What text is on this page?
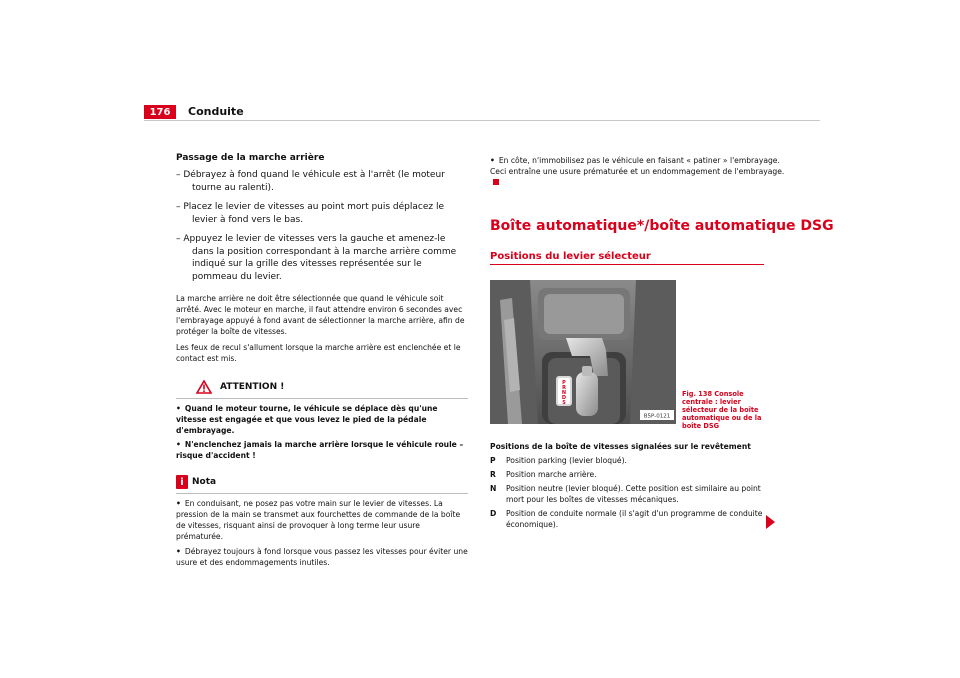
176	Conduite
Passage de la marche arrière
– Débrayez à fond quand le véhicule est à l'arrêt (le moteur tourne au ralenti).
– Placez le levier de vitesses au point mort puis déplacez le levier à fond vers le bas.
– Appuyez le levier de vitesses vers la gauche et amenez-le dans la position correspondant à la marche arrière comme indiqué sur la grille des vitesses représentée sur le pommeau du levier.
La marche arrière ne doit être sélectionnée que quand le véhicule soit arrêté. Avec le moteur en marche, il faut attendre environ 6 secondes avec l'embrayage appuyé à fond avant de sélectionner la marche arrière, afin de protéger la boîte de vitesses.
Les feux de recul s'allument lorsque la marche arrière est enclenchée et le contact est mis.
ATTENTION !
• Quand le moteur tourne, le véhicule se déplace dès qu'une vitesse est engagée et que vous levez le pied de la pédale d'embrayage.
• N'enclenchez jamais la marche arrière lorsque le véhicule roule – risque d'accident !
i Nota
• En conduisant, ne posez pas votre main sur le levier de vitesses. La pression de la main se transmet aux fourchettes de commande de la boîte de vitesses, risquant ainsi de provoquer à long terme leur usure prématurée.
• Débrayez toujours à fond lorsque vous passez les vitesses pour éviter une usure et des endommagements inutiles.
• En côte, n'immobilisez pas le véhicule en faisant « patiner » l'embrayage. Ceci entraîne une usure prématurée et un endommagement de l'embrayage.
Boîte automatique*/boîte automatique DSG
Positions du levier sélecteur
P
R
N
D
S
B5P-0121
Fig. 138 Console centrale : levier sélecteur de la boîte automatique ou de la boîte DSG
Positions de la boîte de vitesses signalées sur le revêtement
P	Position parking (levier bloqué).
R	Position marche arrière.
N	Position neutre (levier bloqué). Cette position est similaire au point mort pour les boîtes de vitesses mécaniques.
D	Position de conduite normale (il s'agit d'un programme de conduite économique).
